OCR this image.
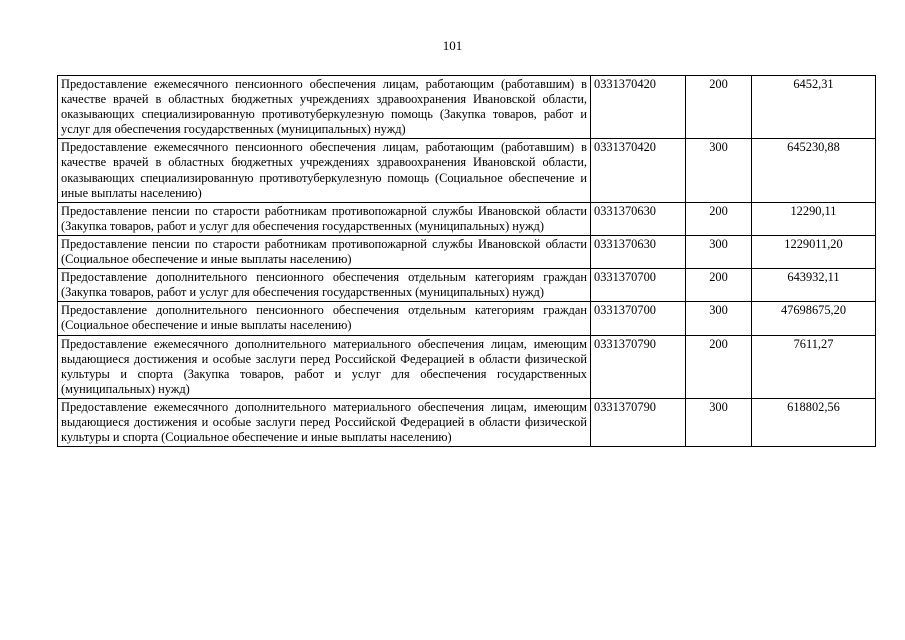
101
Предоставление ежемесячного пенсионного обеспечения лицам, работающим (работавшим) в качестве врачей в областных бюджетных учреждениях здравоохранения Ивановской области, оказывающих специализированную противотуберкулезную помощь (Закупка товаров, работ и услуг для обеспечения государственных (муниципальных) нужд)	0331370420	200	6452,31
Предоставление ежемесячного пенсионного обеспечения лицам, работающим (работавшим) в качестве врачей в областных бюджетных учреждениях здравоохранения Ивановской области, оказывающих специализированную противотуберкулезную помощь (Социальное обеспечение и иные выплаты населению)	0331370420	300	645230,88
Предоставление пенсии по старости работникам противопожарной службы Ивановской области (Закупка товаров, работ и услуг для обеспечения государственных (муниципальных) нужд)	0331370630	200	12290,11
Предоставление пенсии по старости работникам противопожарной службы Ивановской области (Социальное обеспечение и иные выплаты населению)	0331370630	300	1229011,20
Предоставление дополнительного пенсионного обеспечения отдельным категориям граждан (Закупка товаров, работ и услуг для обеспечения государственных (муниципальных) нужд)	0331370700	200	643932,11
Предоставление дополнительного пенсионного обеспечения отдельным категориям граждан (Социальное обеспечение и иные выплаты населению)	0331370700	300	47698675,20
Предоставление ежемесячного дополнительного материального обеспечения лицам, имеющим выдающиеся достижения и особые заслуги перед Российской Федерацией в области физической культуры и спорта (Закупка товаров, работ и услуг для обеспечения государственных (муниципальных) нужд)	0331370790	200	7611,27
Предоставление ежемесячного дополнительного материального обеспечения лицам, имеющим выдающиеся достижения и особые заслуги перед Российской Федерацией в области физической культуры и спорта (Социальное обеспечение и иные выплаты населению)	0331370790	300	618802,56
